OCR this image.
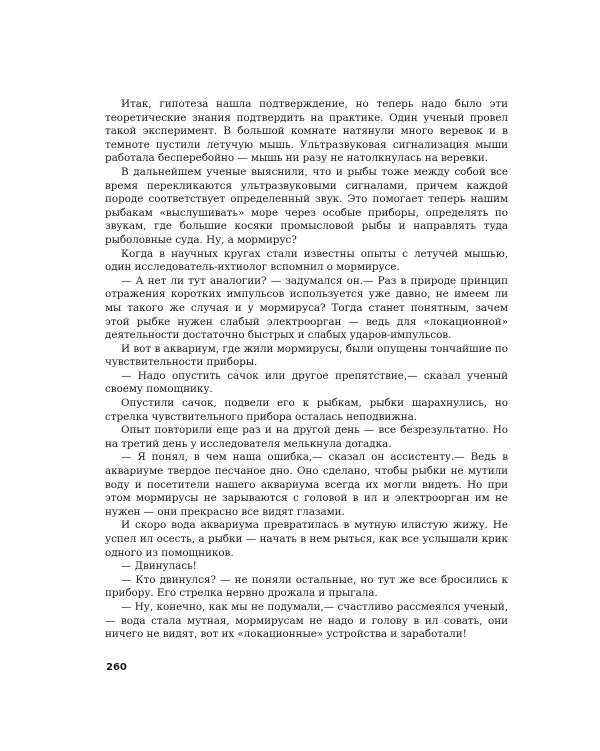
Итак, гипотеза нашла подтверждение, но теперь надо было эти теоретические знания подтвердить на практике. Один ученый провел такой эксперимент. В большой комнате натянули много веревок и в темноте пустили летучую мышь. Ультразвуковая сигнализация мыши работала бесперебойно — мышь ни разу не натолкнулась на веревки.

В дальнейшем ученые выяснили, что и рыбы тоже между собой все время перекликаются ультразвуковыми сигналами, причем каждой породе соответствует определенный звук. Это помогает теперь нашим рыбакам «выслушивать» море через особые приборы, определять по звукам, где большие косяки промысловой рыбы и направлять туда рыболовные суда. Ну, а мормирус?

Когда в научных кругах стали известны опыты с летучей мышью, один исследователь-ихтиолог вспомнил о мормирусе.

— А нет ли тут аналогии? — задумался он.— Раз в природе принцип отражения коротких импульсов используется уже давно, не имеем ли мы такого же случая и у мормируса? Тогда станет понятным, зачем этой рыбке нужен слабый электроорган — ведь для «локационной» деятельности достаточно быстрых и слабых ударов-импульсов.

И вот в аквариум, где жили мормирусы, были опущены тончайшие по чувствительности приборы.

— Надо опустить сачок или другое препятствие,— сказал ученый своему помощнику.

Опустили сачок, подвели его к рыбкам, рыбки шарахнулись, но стрелка чувствительного прибора осталась неподвижна.

Опыт повторили еще раз и на другой день — все безрезультатно. Но на третий день у исследователя мелькнула догадка.

— Я понял, в чем наша ошибка,— сказал он ассистенту.— Ведь в аквариуме твердое песчаное дно. Оно сделано, чтобы рыбки не мутили воду и посетители нашего аквариума всегда их могли видеть. Но при этом мормирусы не зарываются с головой в ил и электроорган им не нужен — они прекрасно все видят глазами.

И скоро вода аквариума превратилась в мутную илистую жижу. Не успел ил осесть, а рыбки — начать в нем рыться, как все услышали крик одного из помощников.

— Двинулась!

— Кто двинулся? — не поняли остальные, но тут же все бросились к прибору. Его стрелка нервно дрожала и прыгала.

— Ну, конечно, как мы не подумали,— счастливо рассмеялся ученый,— вода стала мутная, мормирусам не надо и голову в ил совать, они ничего не видят, вот их «локационные» устройства и заработали!

260
